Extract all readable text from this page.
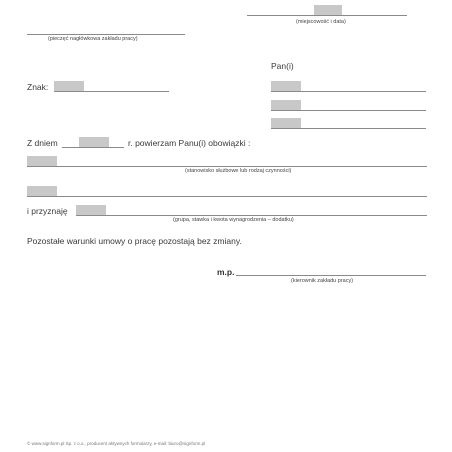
(miejscowość i data)
(pieczęć nagłówkowa zakładu pracy)
Pan(i)
Znak:
Z dniem	r. powierzam Panu(i) obowiązki :
(stanowisko służbowe lub rodzaj czynności)
i przyznaję
(grupa, stawka i kwota wynagrodzenia – dodatku)
Pozostałe warunki umowy o pracę pozostają bez zmiany.
m.p.
(kierownik zakładu pracy)
© www.signform.pl Sp. z o.o., producent aktywnych formularzy, e-mail: biuro@signform.pl
